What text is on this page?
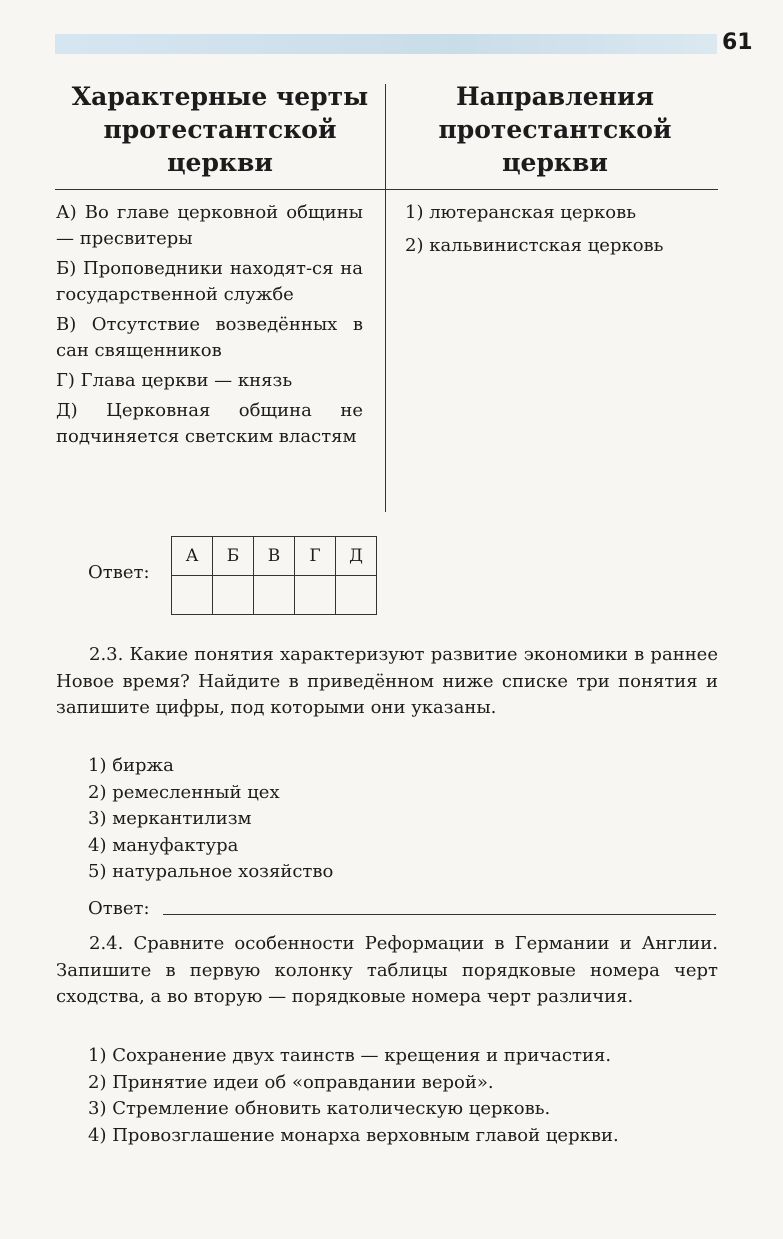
61
Характерные черты протестантской церкви
Направления протестантской церкви

А) Во главе церковной общины — пресвитеры

Б) Проповедники находят-ся на государственной службе

В) Отсутствие возведённых в сан священников

Г) Глава церкви — князь

Д) Церковная община не подчиняется светским властям

1) лютеранская церковь

2) кальвинистская церковь

Ответ:
А	Б	В	Г	Д

2.3. Какие понятия характеризуют развитие экономики в раннее Новое время? Найдите в приведённом ниже списке три понятия и запишите цифры, под которыми они указаны.

1) биржа

2) ремесленный цех

3) меркантилизм

4) мануфактура

5) натуральное хозяйство

Ответ:

2.4. Сравните особенности Реформации в Германии и Англии. Запишите в первую колонку таблицы порядковые номера черт сходства, а во вторую — порядковые номера черт различия.

1) Сохранение двух таинств — крещения и причастия.

2) Принятие идеи об «оправдании верой».

3) Стремление обновить католическую церковь.

4) Провозглашение монарха верховным главой церкви.
